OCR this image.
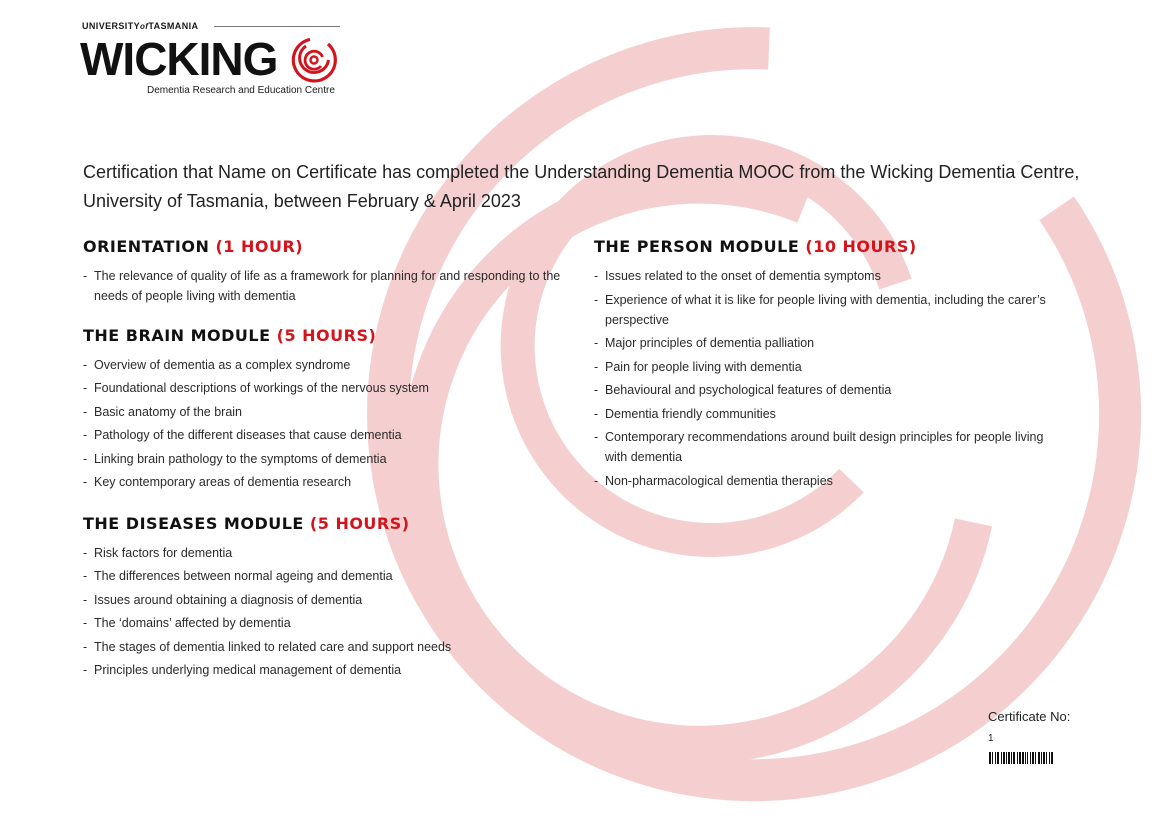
UNIVERSITYofTASMANIA
WICKING
Dementia Research and Education Centre
Certification that Name on Certificate has completed the Understanding Dementia MOOC from the Wicking Dementia Centre, University of Tasmania, between February & April 2023
ORIENTATION (1 HOUR)
- The relevance of quality of life as a framework for planning for and responding to the needs of people living with dementia
THE BRAIN MODULE (5 HOURS)
- Overview of dementia as a complex syndrome
- Foundational descriptions of workings of the nervous system
- Basic anatomy of the brain
- Pathology of the different diseases that cause dementia
- Linking brain pathology to the symptoms of dementia
- Key contemporary areas of dementia research
THE DISEASES MODULE (5 HOURS)
- Risk factors for dementia
- The differences between normal ageing and dementia
- Issues around obtaining a diagnosis of dementia
- The ‘domains’ affected by dementia
- The stages of dementia linked to related care and support needs
- Principles underlying medical management of dementia
THE PERSON MODULE (10 HOURS)
- Issues related to the onset of dementia symptoms
- Experience of what it is like for people living with dementia, including the carer’s perspective
- Major principles of dementia palliation
- Pain for people living with dementia
- Behavioural and psychological features of dementia
- Dementia friendly communities
- Contemporary recommendations around built design principles for people living with dementia
- Non-pharmacological dementia therapies
Certificate No:
1
